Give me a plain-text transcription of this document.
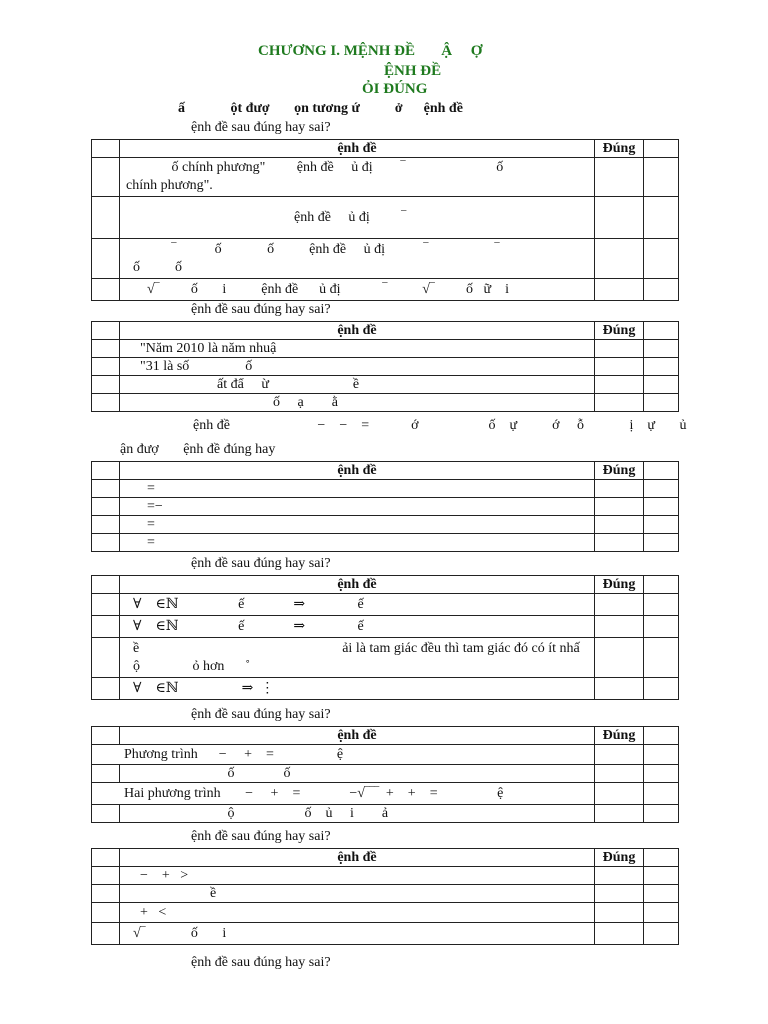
CHƯƠNG I. MỆNH ĐỀ       Ậ     Ợ
ỆNH ĐỀ
ỎI ĐÚNG
ấ             ột đượ       ọn tương ứ          ở      ệnh đề
ệnh đề sau đúng hay sai?
	ệnh đề	Đúng	
	ố chính phương"         ệnh đề     ủ đị        ‾                          ố
chính phương".		
	ệnh đề     ủ đị         ‾		
	‾           ố             ố          ệnh đề     ủ đị           ‾                   ‾
ố          ố		
	√‾         ố       i          ệnh đề      ủ đị            ‾          √‾         ố   ữ    i		
ệnh đề sau đúng hay sai?
	ệnh đề	Đúng	
	"Năm 2010 là năm nhuậ		
	"31 là số                ố		
	ất đẩ     ừ                        ề		
	ố     ạ        ằ		
ệnh đề                         −    −    =            ớ                    ố    ự          ớ     ỗ             ị    ự       ủ
ận đượ       ệnh đề đúng hay
	ệnh đề	Đúng	
	=		
	=−		
	=		
	=		
ệnh đề sau đúng hay sai?
	ệnh đề	Đúng	
	∀    ∈ℕ                 ế              ⇒               ế		
	∀    ∈ℕ                 ế              ⇒               ế		
	ề                                                          ải là tam giác đều thì tam giác đó có ít nhấ
ộ               ỏ hơn      ˚		
	∀    ∈ℕ                  ⇒  ⋮		
ệnh đề sau đúng hay sai?
	ệnh đề	Đúng	
Phương trình      −     +    =                  ệ			
	ố              ố		
Hai phương trình       −     +    =              −√‾‾‾  +    +    =                 ệ			
	ộ                    ố    ủ     i        ả		
ệnh đề sau đúng hay sai?
	ệnh đề	Đúng	
	−    +   >		
	ề		
	+   <		
	√‾             ố       i		
ệnh đề sau đúng hay sai?
